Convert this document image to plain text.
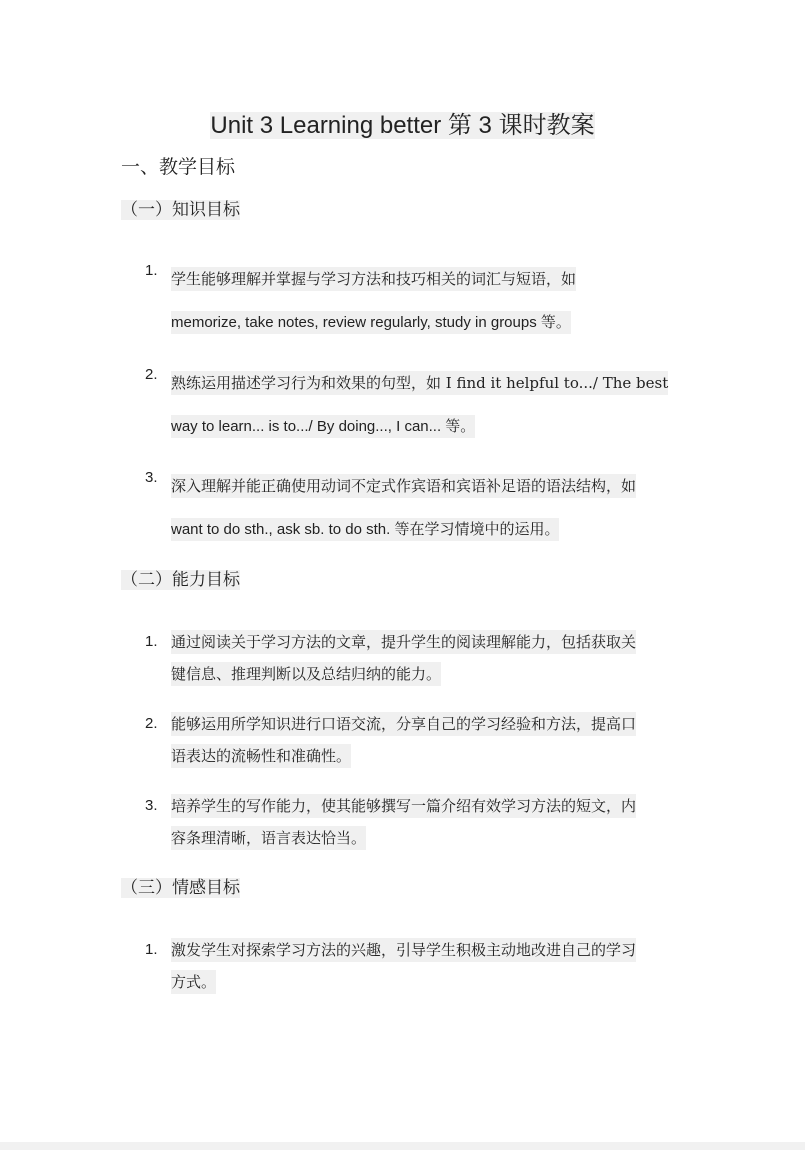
Unit 3 Learning better 第 3 课时教案
一、教学目标
（一）知识目标
1. 学生能够理解并掌握与学习方法和技巧相关的词汇与短语，如
memorize, take notes, review regularly, study in groups 等。
2. 熟练运用描述学习行为和效果的句型，如 I find it helpful to.../ The best
way to learn... is to.../ By doing..., I can... 等。
3. 深入理解并能正确使用动词不定式作宾语和宾语补足语的语法结构，如
want to do sth., ask sb. to do sth. 等在学习情境中的运用。
（二）能力目标
1. 通过阅读关于学习方法的文章，提升学生的阅读理解能力，包括获取关
键信息、推理判断以及总结归纳的能力。
2. 能够运用所学知识进行口语交流，分享自己的学习经验和方法，提高口
语表达的流畅性和准确性。
3. 培养学生的写作能力，使其能够撰写一篇介绍有效学习方法的短文，内
容条理清晰，语言表达恰当。
（三）情感目标
1. 激发学生对探索学习方法的兴趣，引导学生积极主动地改进自己的学习
方式。
